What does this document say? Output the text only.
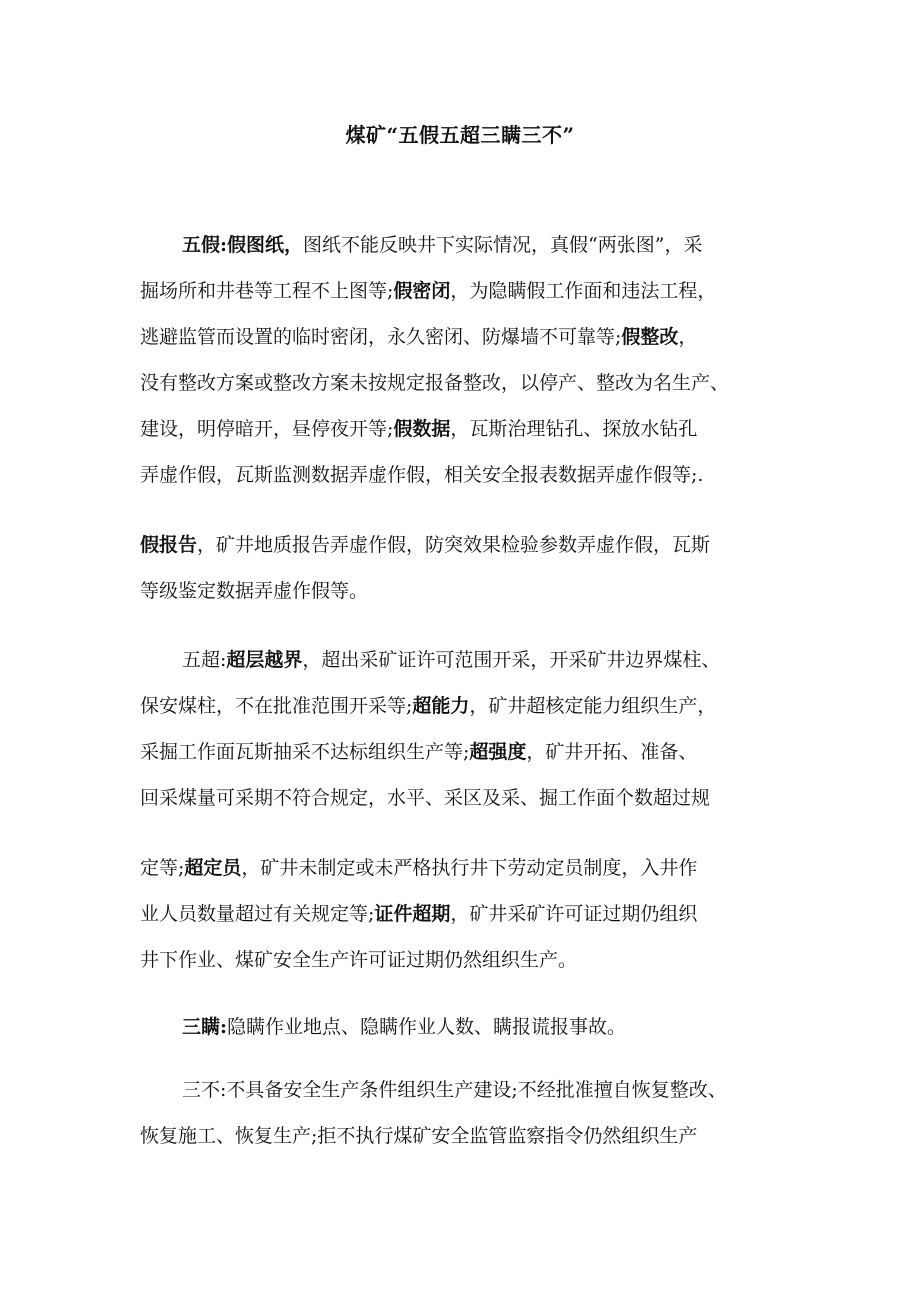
煤矿“五假五超三瞒三不”
五假:假图纸，图纸不能反映井下实际情况，真假“两张图”，采
掘场所和井巷等工程不上图等;假密闭，为隐瞒假工作面和违法工程，
逃避监管而设置的临时密闭，永久密闭、防爆墙不可靠等;假整改，
没有整改方案或整改方案未按规定报备整改，以停产、整改为名生产、
建设，明停暗开，昼停夜开等;假数据，瓦斯治理钻孔、探放水钻孔
弄虚作假，瓦斯监测数据弄虚作假，相关安全报表数据弄虚作假等;.
假报告，矿井地质报告弄虚作假，防突效果检验参数弄虚作假，瓦斯
等级鉴定数据弄虚作假等。
五超:超层越界，超出采矿证许可范围开采，开采矿井边界煤柱、
保安煤柱，不在批准范围开采等;超能力，矿井超核定能力组织生产，
采掘工作面瓦斯抽采不达标组织生产等;超强度，矿井开拓、准备、
回采煤量可采期不符合规定，水平、采区及采、掘工作面个数超过规
定等;超定员，矿井未制定或未严格执行井下劳动定员制度，入井作
业人员数量超过有关规定等;证件超期，矿井采矿许可证过期仍组织
井下作业、煤矿安全生产许可证过期仍然组织生产。
三瞒:隐瞒作业地点、隐瞒作业人数、瞒报谎报事故。
三不:不具备安全生产条件组织生产建设;不经批准擅自恢复整改、
恢复施工、恢复生产;拒不执行煤矿安全监管监察指令仍然组织生产
